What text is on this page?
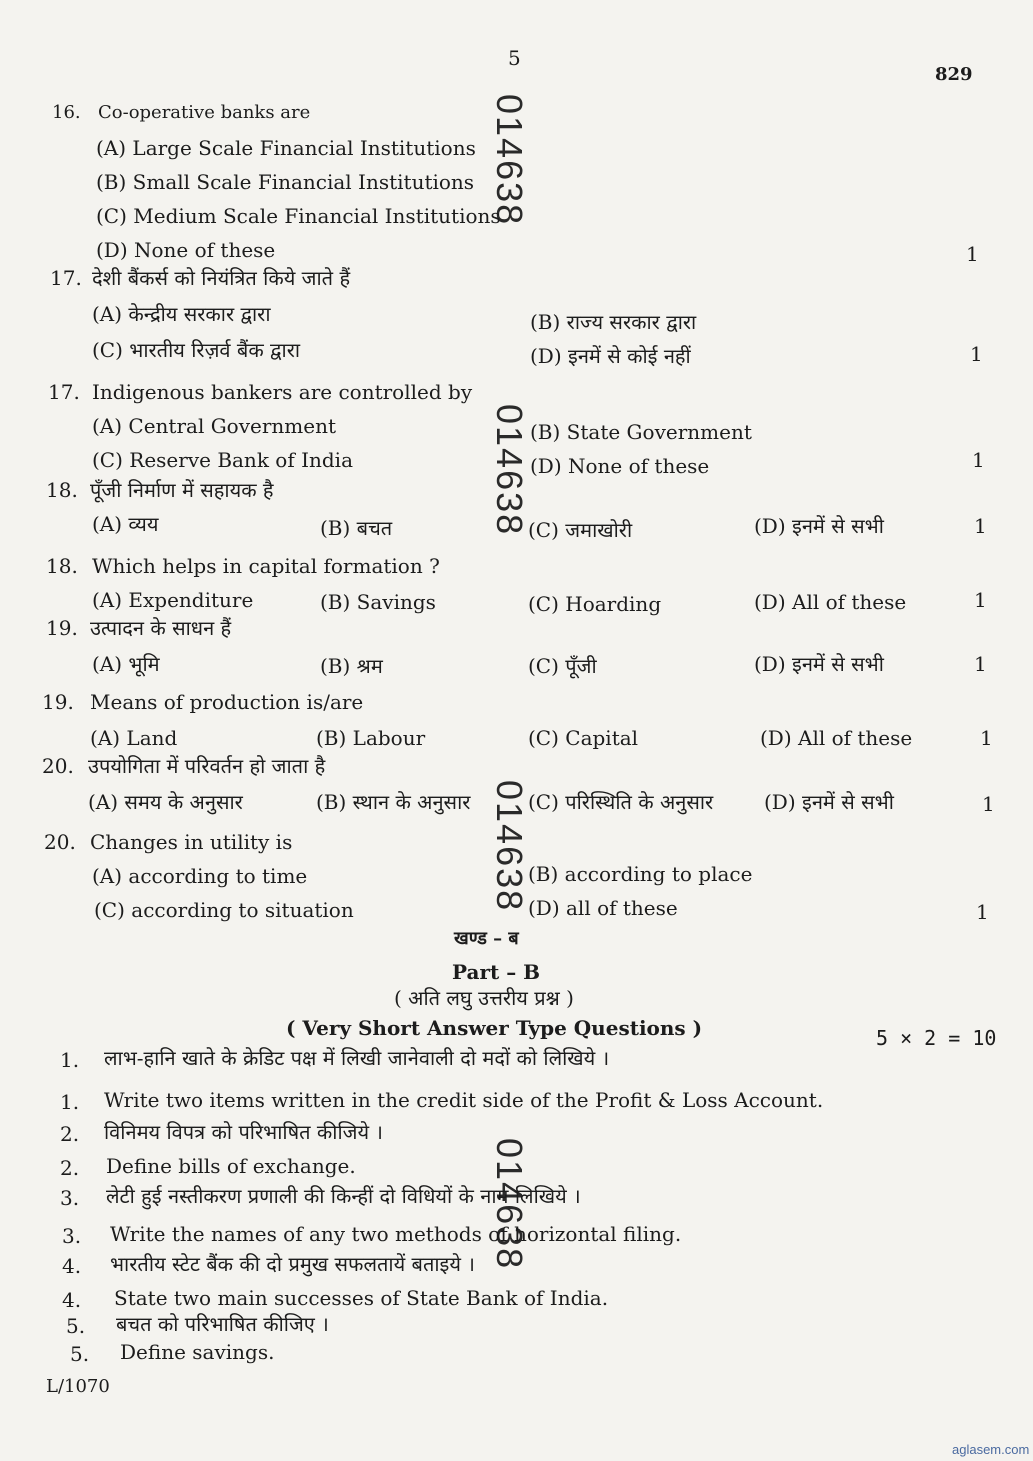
5
829
014638
014638
014638
014638
16. Co-operative banks are
(A) Large Scale Financial Institutions
(B) Small Scale Financial Institutions
(C) Medium Scale Financial Institutions
(D) None of these	1
17. देशी बैंकर्स को नियंत्रित किये जाते हैं
(A) केन्द्रीय सरकार द्वारा	(B) राज्य सरकार द्वारा
(C) भारतीय रिज़र्व बैंक द्वारा	(D) इनमें से कोई नहीं	1
17. Indigenous bankers are controlled by
(A) Central Government	(B) State Government
(C) Reserve Bank of India	(D) None of these	1
18. पूँजी निर्माण में सहायक है
(A) व्यय	(B) बचत	(C) जमाखोरी	(D) इनमें से सभी	1
18. Which helps in capital formation ?
(A) Expenditure	(B) Savings	(C) Hoarding	(D) All of these	1
19. उत्पादन के साधन हैं
(A) भूमि	(B) श्रम	(C) पूँजी	(D) इनमें से सभी	1
19. Means of production is/are
(A) Land	(B) Labour	(C) Capital	(D) All of these	1
20. उपयोगिता में परिवर्तन हो जाता है
(A) समय के अनुसार	(B) स्थान के अनुसार	(C) परिस्थिति के अनुसार	(D) इनमें से सभी	1
20. Changes in utility is
(A) according to time	(B) according to place
(C) according to situation	(D) all of these	1
खण्ड – ब
Part – B
( अति लघु उत्तरीय प्रश्न )
( Very Short Answer Type Questions )	5 × 2 = 10
1. लाभ-हानि खाते के क्रेडिट पक्ष में लिखी जानेवाली दो मदों को लिखिये ।
1. Write two items written in the credit side of the Profit & Loss Account.
2. विनिमय विपत्र को परिभाषित कीजिये ।
2. Define bills of exchange.
3. लेटी हुई नस्तीकरण प्रणाली की किन्हीं दो विधियों के नाम लिखिये ।
3. Write the names of any two methods of horizontal filing.
4. भारतीय स्टेट बैंक की दो प्रमुख सफलतायें बताइये ।
4. State two main successes of State Bank of India.
5. बचत को परिभाषित कीजिए ।
5. Define savings.
L/1070
aglasem.com
